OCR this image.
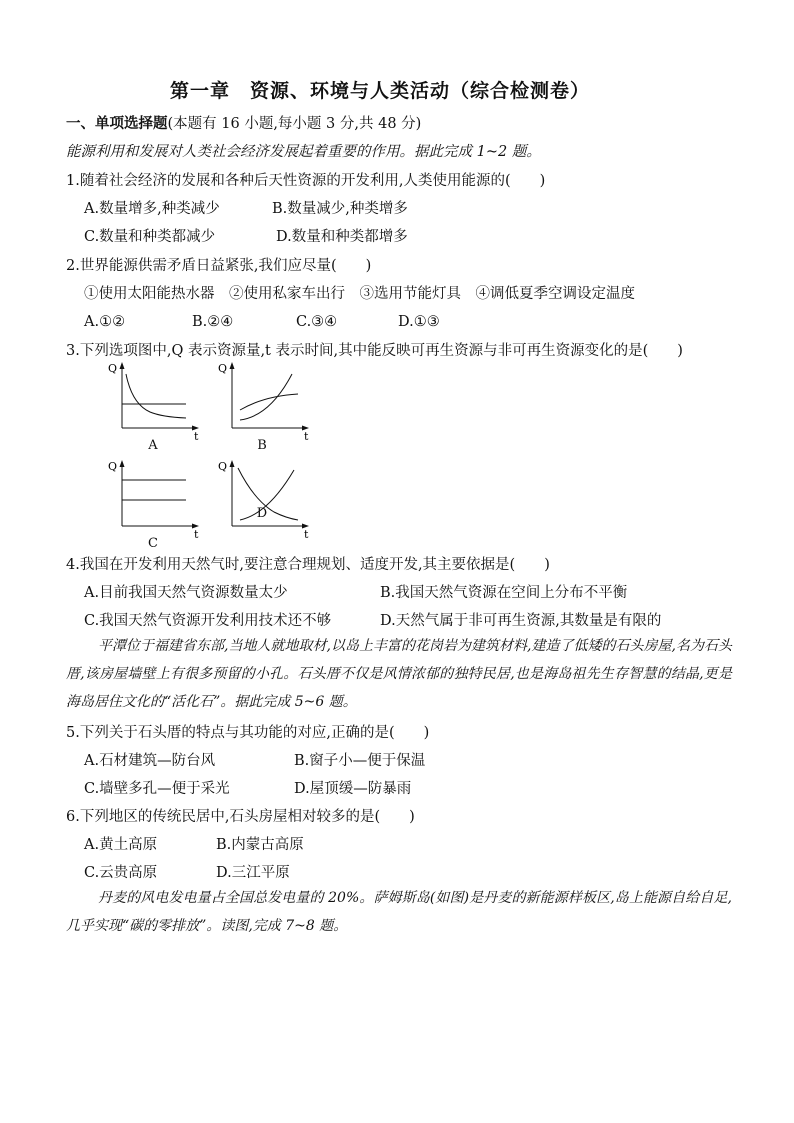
第一章　资源、环境与人类活动（综合检测卷）
一、单项选择题(本题有 16 小题,每小题 3 分,共 48 分)
能源利用和发展对人类社会经济发展起着重要的作用。据此完成 1~2 题。
1.随着社会经济的发展和各种后天性资源的开发利用,人类使用能源的(　　)
A.数量增多,种类减少	B.数量减少,种类增多
C.数量和种类都减少	D.数量和种类都增多
2.世界能源供需矛盾日益紧张,我们应尽量(　　)
①使用太阳能热水器　②使用私家车出行　③选用节能灯具　④调低夏季空调设定温度
A.①②	B.②④	C.③④	D.①③
3.下列选项图中,Q 表示资源量,t 表示时间,其中能反映可再生资源与非可再生资源变化的是(　　)
Q
t
A
Q
t
B
Q
t
C
Q
t
D
4.我国在开发利用天然气时,要注意合理规划、适度开发,其主要依据是(　　)
A.目前我国天然气资源数量太少	B.我国天然气资源在空间上分布不平衡
C.我国天然气资源开发利用技术还不够	D.天然气属于非可再生资源,其数量是有限的
平潭位于福建省东部,当地人就地取材,以岛上丰富的花岗岩为建筑材料,建造了低矮的石头房屋,名为石头厝,该房屋墙壁上有很多预留的小孔。石头厝不仅是风情浓郁的独特民居,也是海岛祖先生存智慧的结晶,更是海岛居住文化的“活化石”。据此完成 5~6 题。
5.下列关于石头厝的特点与其功能的对应,正确的是(　　)
A.石材建筑—防台风	B.窗子小—便于保温
C.墙壁多孔—便于采光	D.屋顶缓—防暴雨
6.下列地区的传统民居中,石头房屋相对较多的是(　　)
A.黄土高原	B.内蒙古高原
C.云贵高原	D.三江平原
丹麦的风电发电量占全国总发电量的 20%。萨姆斯岛(如图)是丹麦的新能源样板区,岛上能源自给自足,几乎实现“碳的零排放”。读图,完成 7~8 题。
